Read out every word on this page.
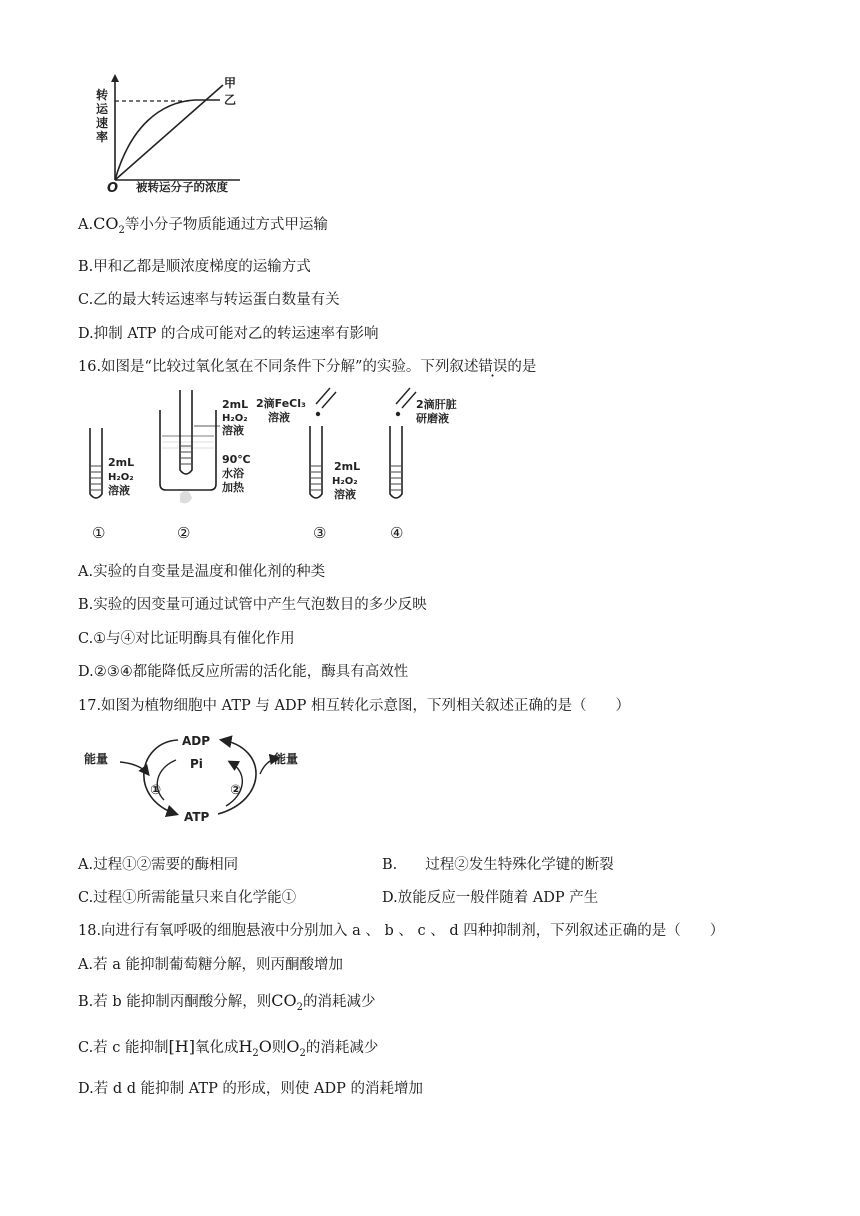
转
运
速
率
O 被转运分子的浓度
甲
乙
$A.CO_2$等小分子物质能通过方式甲运输
B.甲和乙都是顺浓度梯度的运输方式
C.乙的最大转运速率与转运蛋白数量有关
D.抑制 ATP 的合成可能对乙的转运速率有影响
16.如图是“比较过氧化氢在不同条件下分解”的实验。下列叙述错误的是
2mL
H₂O₂
溶液
2mL
H₂O₂
溶液
90℃
水浴
加热
2滴FeCl₃
溶液
2mL
H₂O₂
溶液
2滴肝脏
研磨液
①	②	③	④
A.实验的自变量是温度和催化剂的种类
B.实验的因变量可通过试管中产生气泡数目的多少反映
C.①与④对比证明酶具有催化作用
D.②③④都能降低反应所需的活化能，酶具有高效性
17.如图为植物细胞中 ATP 与 ADP 相互转化示意图，下列相关叙述正确的是（　　）
能量	能量
ADP
Pi
ATP
①	②
A.过程①②需要的酶相同	B. 过程②发生特殊化学键的断裂
C.过程①所需能量只来自化学能①	D.放能反应一般伴随着 ADP 产生
18.向进行有氧呼吸的细胞悬液中分别加入 a 、 b 、 c 、 d 四种抑制剂，下列叙述正确的是（　　）
A.若 a 能抑制葡萄糖分解，则丙酮酸增加
B.若 b 能抑制丙酮酸分解，则$CO_2$的消耗减少
C.若 c 能抑制[H]氧化成$H_2O$则$O_2$的消耗减少
D.若 d d 能抑制 ATP 的形成，则使 ADP 的消耗增加
